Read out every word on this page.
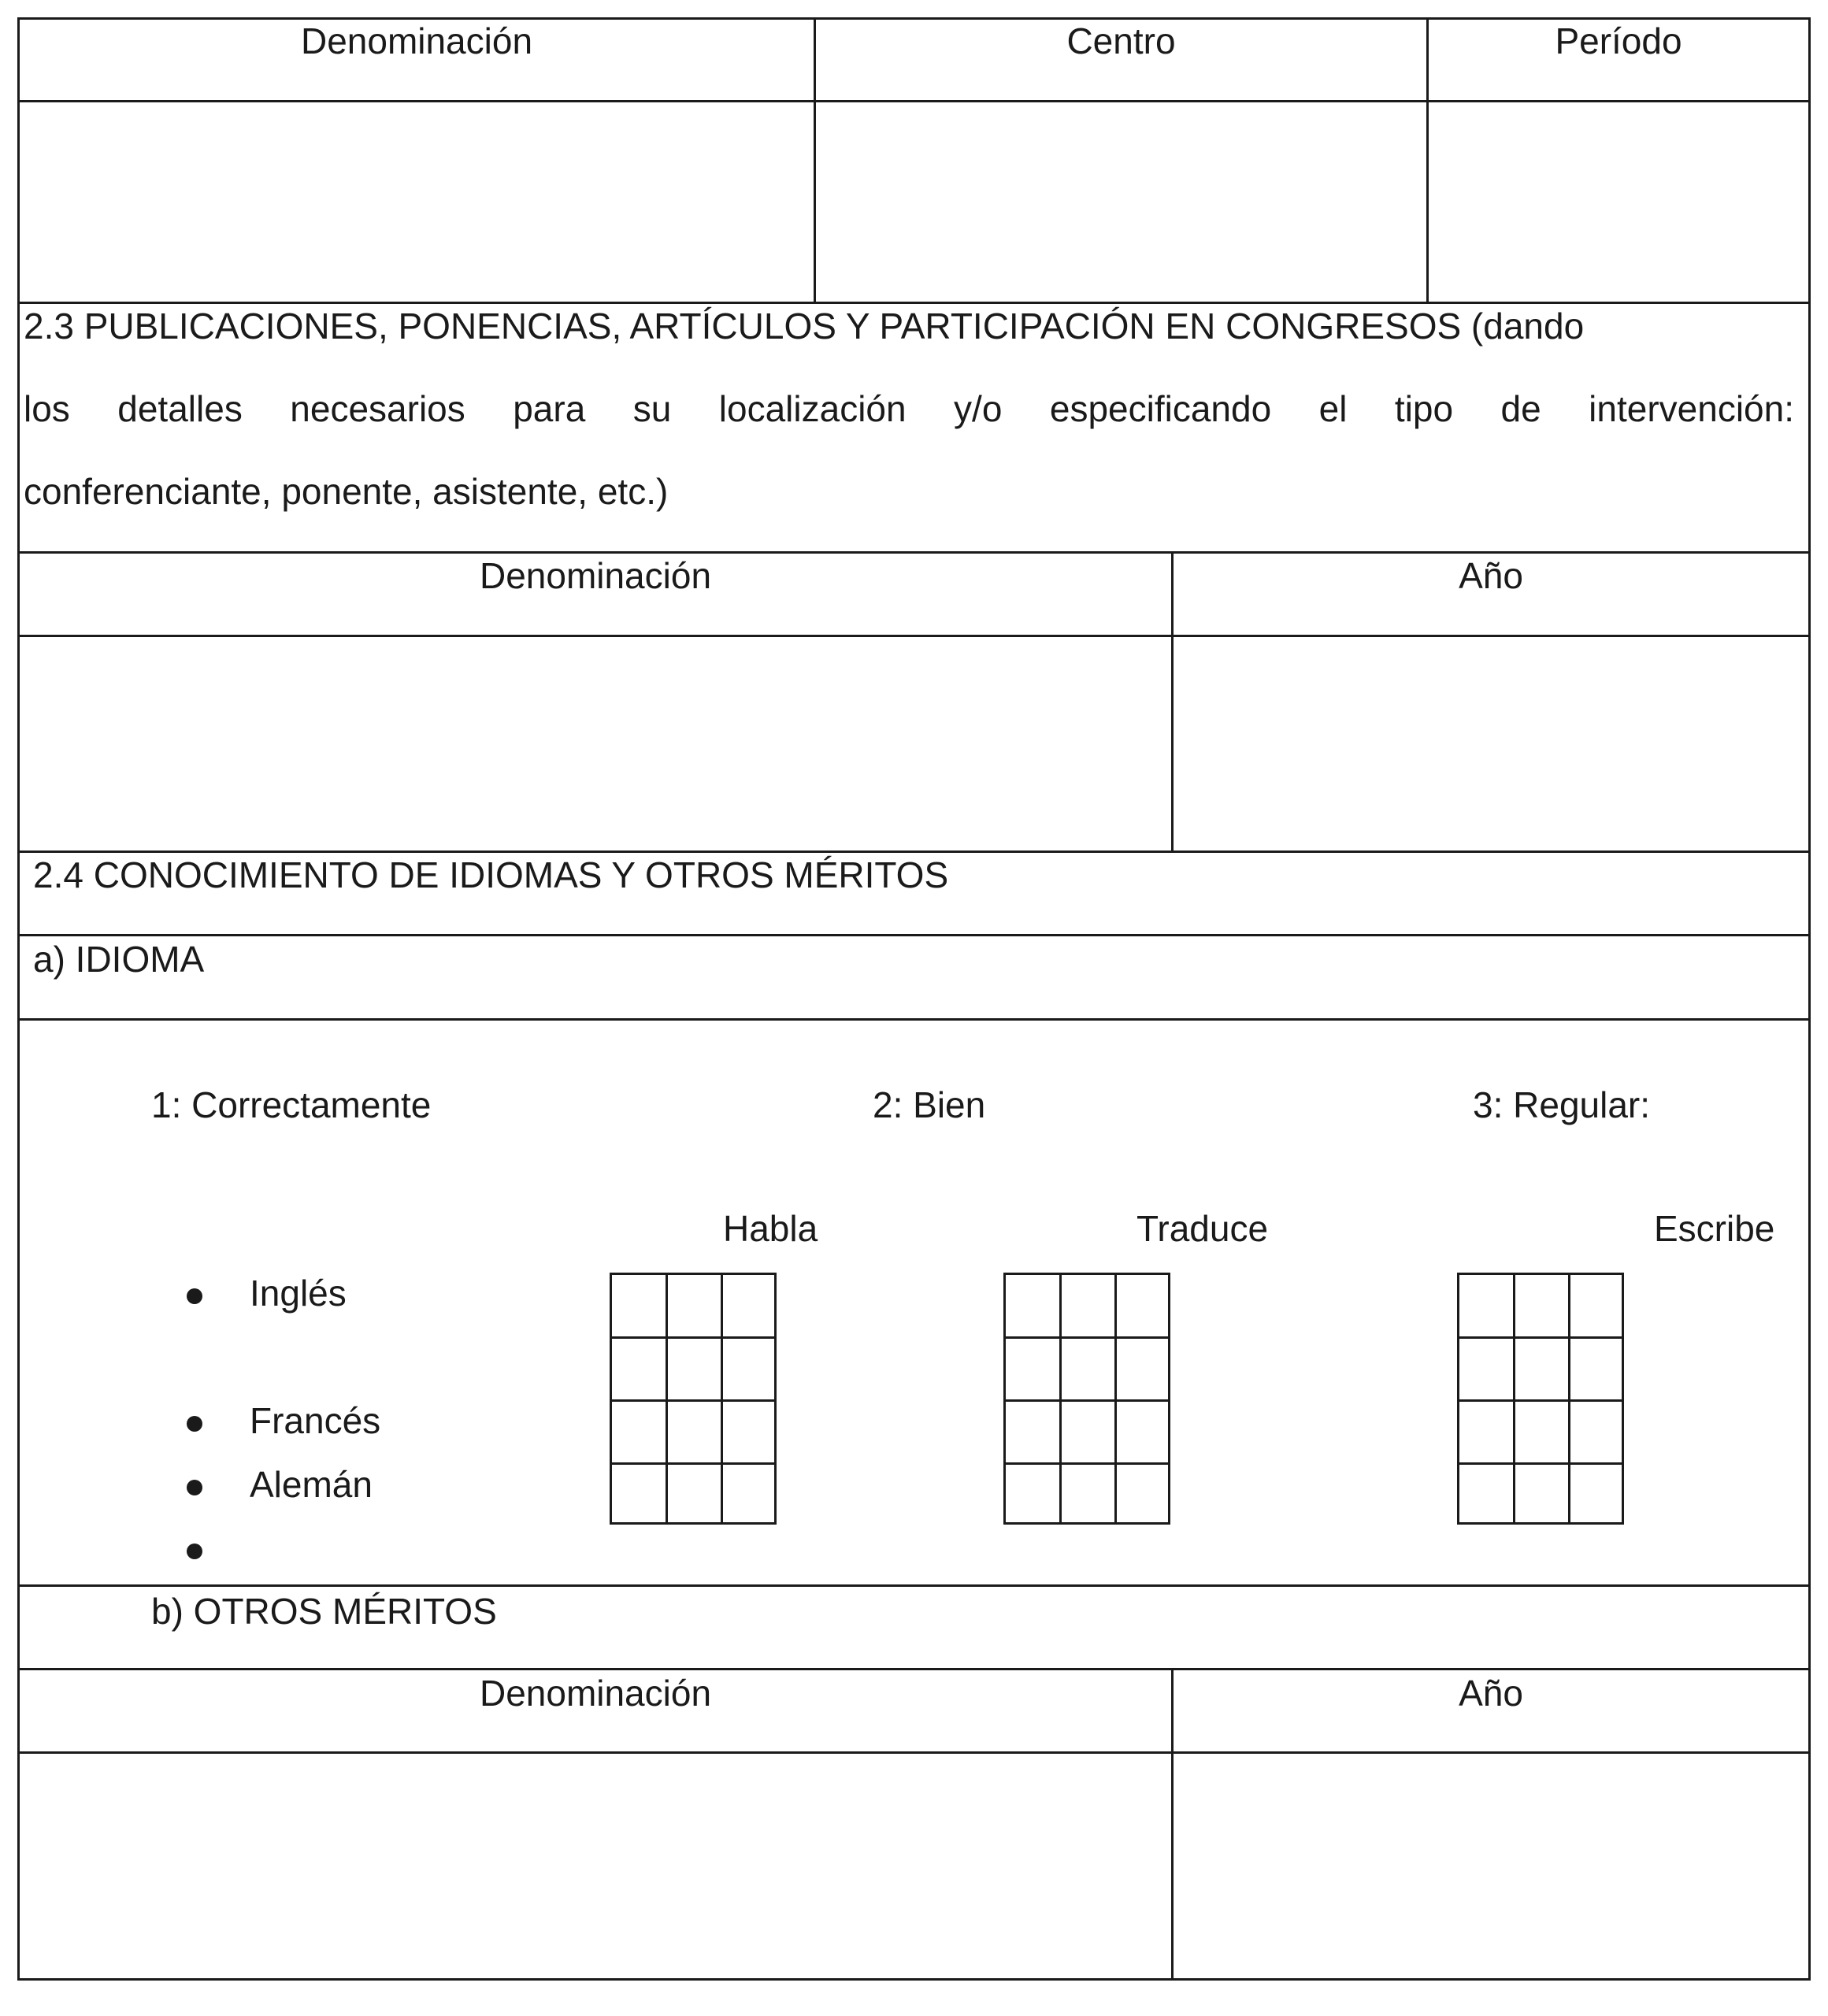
Denominación	Centro	Período
2.3 PUBLICACIONES, PONENCIAS, ARTÍCULOS Y PARTICIPACIÓN EN CONGRESOS (dando
los detalles necesarios para su localización y/o especificando el tipo de intervención:
conferenciante, ponente, asistente, etc.)
Denominación	Año
2.4 CONOCIMIENTO DE IDIOMAS Y OTROS MÉRITOS
a) IDIOMA
1: Correctamente	2: Bien	3: Regular:
Habla	Traduce	Escribe
Inglés
Francés
Alemán
b) OTROS MÉRITOS
Denominación	Año
